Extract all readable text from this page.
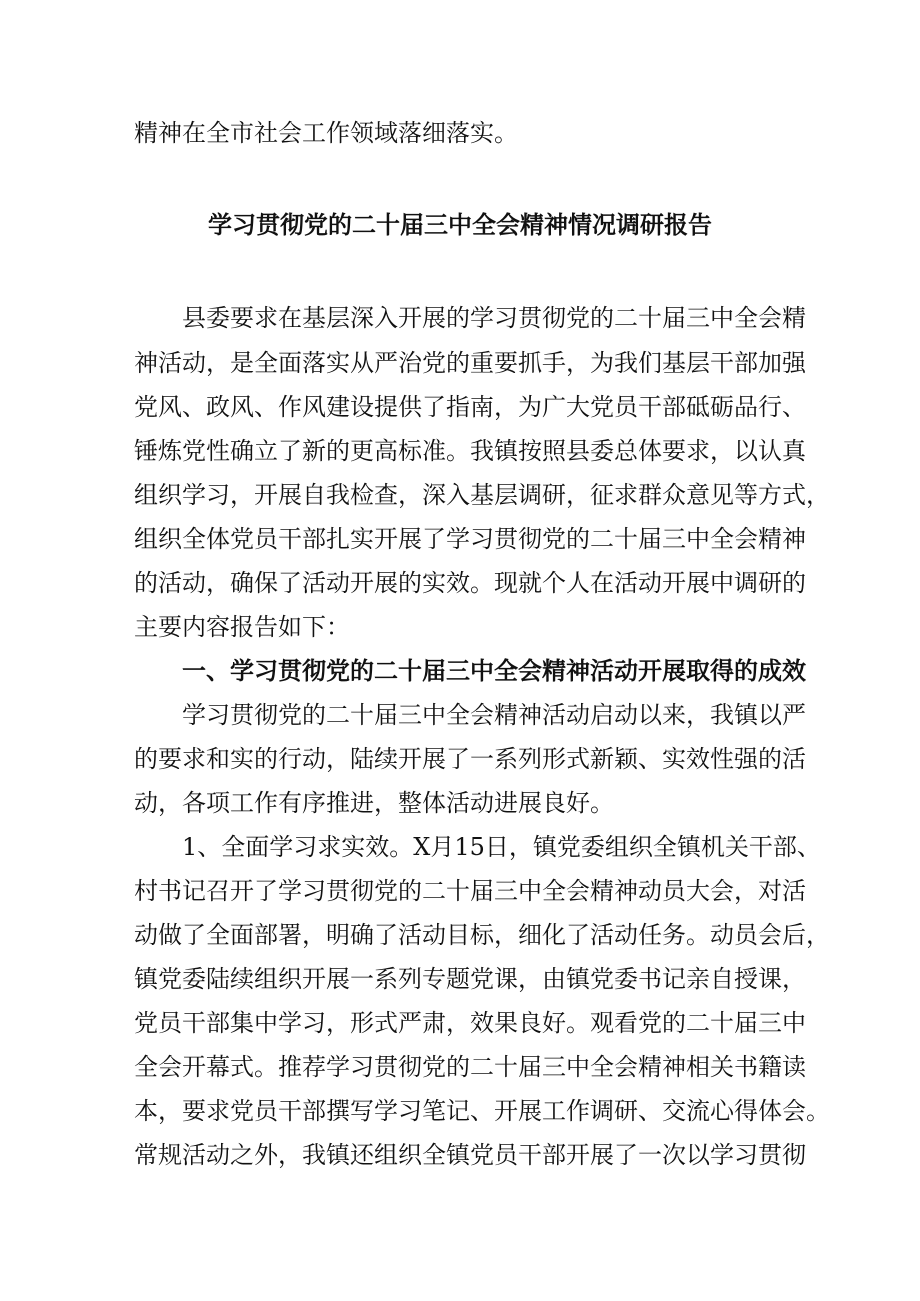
精神在全市社会工作领域落细落实。
学习贯彻党的二十届三中全会精神情况调研报告
县委要求在基层深入开展的学习贯彻党的二十届三中全会精
神活动，是全面落实从严治党的重要抓手，为我们基层干部加强
党风、政风、作风建设提供了指南，为广大党员干部砥砺品行、
锤炼党性确立了新的更高标准。我镇按照县委总体要求，以认真
组织学习，开展自我检查，深入基层调研，征求群众意见等方式，
组织全体党员干部扎实开展了学习贯彻党的二十届三中全会精神
的活动，确保了活动开展的实效。现就个人在活动开展中调研的
主要内容报告如下：
一、学习贯彻党的二十届三中全会精神活动开展取得的成效
学习贯彻党的二十届三中全会精神活动启动以来，我镇以严
的要求和实的行动，陆续开展了一系列形式新颖、实效性强的活
动，各项工作有序推进，整体活动进展良好。
1、全面学习求实效。X月15日，镇党委组织全镇机关干部、
村书记召开了学习贯彻党的二十届三中全会精神动员大会，对活
动做了全面部署，明确了活动目标，细化了活动任务。动员会后，
镇党委陆续组织开展一系列专题党课，由镇党委书记亲自授课，
党员干部集中学习，形式严肃，效果良好。观看党的二十届三中
全会开幕式。推荐学习贯彻党的二十届三中全会精神相关书籍读
本，要求党员干部撰写学习笔记、开展工作调研、交流心得体会。
常规活动之外，我镇还组织全镇党员干部开展了一次以学习贯彻
